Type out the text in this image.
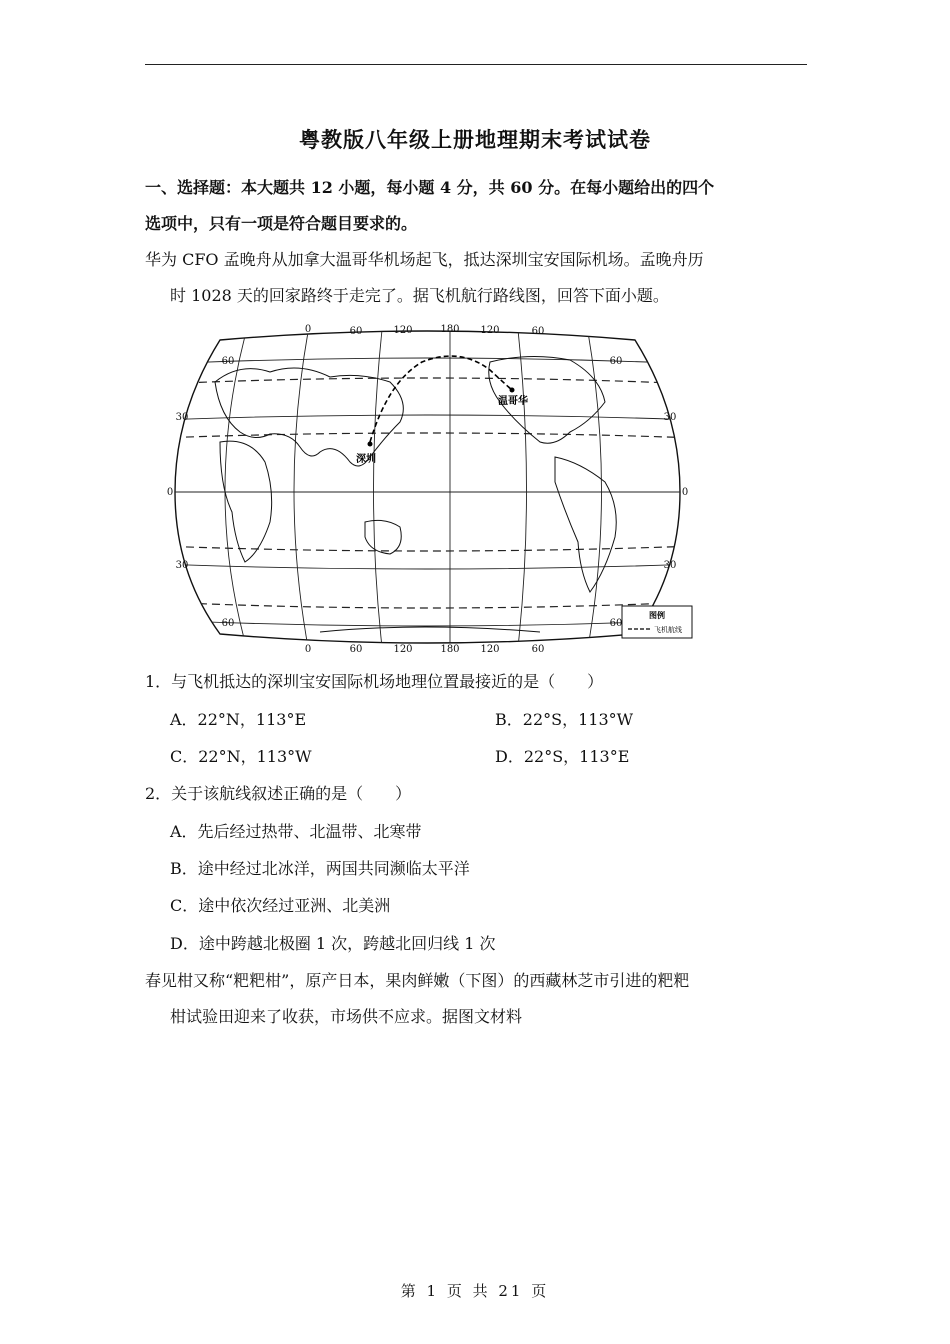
粤教版八年级上册地理期末考试试卷
一、选择题：本大题共 12 小题，每小题 4 分，共 60 分。在每小题给出的四个
选项中，只有一项是符合题目要求的。
华为 CFO 孟晚舟从加拿大温哥华机场起飞，抵达深圳宝安国际机场。孟晚舟历
时 1028 天的回家路终于走完了。据飞机航行路线图，回答下面小题。
深圳
温哥华
0	60	120	180 120	60
0	60	120	180 120	60
60
30
0
30
60
60
30
0
30
60
图例
飞机航线
1．与飞机抵达的深圳宝安国际机场地理位置最接近的是（　　）
A．22°N，113°E	B．22°S，113°W
C．22°N，113°W	D．22°S，113°E
2．关于该航线叙述正确的是（　　）
A．先后经过热带、北温带、北寒带
B．途中经过北冰洋，两国共同濒临太平洋
C．途中依次经过亚洲、北美洲
D．途中跨越北极圈 1 次，跨越北回归线 1 次
春见柑又称“粑粑柑”，原产日本，果肉鲜嫩（下图）的西藏林芝市引进的粑粑
柑试验田迎来了收获，市场供不应求。据图文材料
第 1 页 共 21 页
